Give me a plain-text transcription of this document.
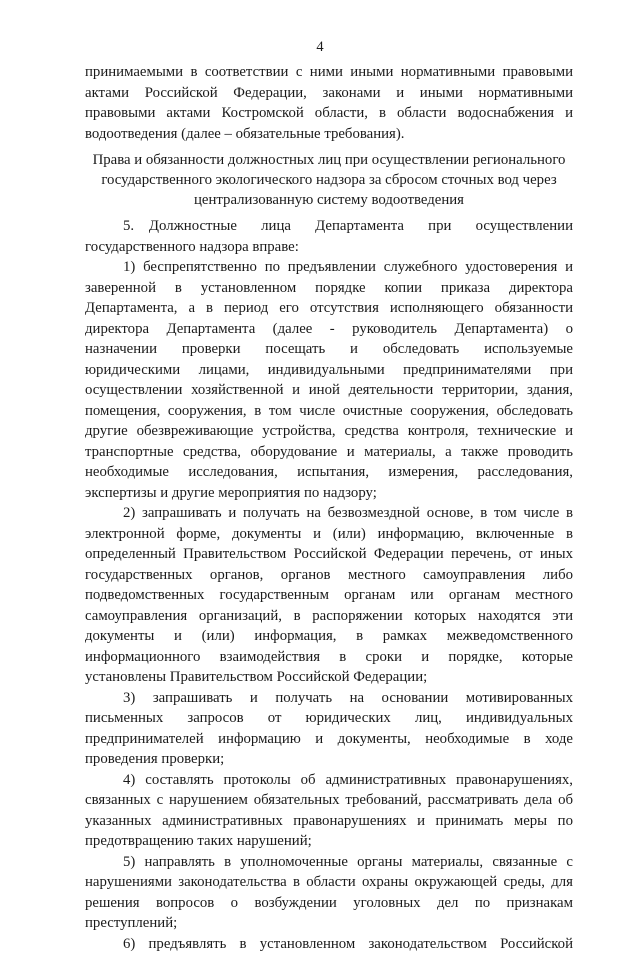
4
принимаемыми в соответствии с ними иными нормативными правовыми
актами Российской Федерации, законами и иными нормативными
правовыми актами Костромской области, в области водоснабжения и
водоотведения (далее – обязательные требования).
Права и обязанности должностных лиц при осуществлении регионального
государственного экологического надзора за сбросом сточных вод через
централизованную систему водоотведения
5. Должностные лица Департамента при осуществлении
государственного надзора вправе:
1) беспрепятственно по предъявлении служебного удостоверения и
заверенной в установленном порядке копии приказа директора
Департамента, а в период его отсутствия исполняющего обязанности
директора Департамента (далее - руководитель Департамента) о
назначении проверки посещать и обследовать используемые
юридическими лицами, индивидуальными предпринимателями при
осуществлении хозяйственной и иной деятельности территории, здания,
помещения, сооружения, в том числе очистные сооружения, обследовать
другие обезвреживающие устройства, средства контроля, технические и
транспортные средства, оборудование и материалы, а также проводить
необходимые исследования, испытания, измерения, расследования,
экспертизы и другие мероприятия по надзору;
2) запрашивать и получать на безвозмездной основе, в том числе в
электронной форме, документы и (или) информацию, включенные в
определенный Правительством Российской Федерации перечень, от иных
государственных органов, органов местного самоуправления либо
подведомственных государственным органам или органам местного
самоуправления организаций, в распоряжении которых находятся эти
документы и (или) информация, в рамках межведомственного
информационного взаимодействия в сроки и порядке, которые
установлены Правительством Российской Федерации;
3) запрашивать и получать на основании мотивированных
письменных запросов от юридических лиц, индивидуальных
предпринимателей информацию и документы, необходимые в ходе
проведения проверки;
4) составлять протоколы об административных правонарушениях,
связанных с нарушением обязательных требований, рассматривать дела об
указанных административных правонарушениях и принимать меры по
предотвращению таких нарушений;
5) направлять в уполномоченные органы материалы, связанные с
нарушениями законодательства в области охраны окружающей среды, для
решения вопросов о возбуждении уголовных дел по признакам
преступлений;
6) предъявлять в установленном законодательством Российской
